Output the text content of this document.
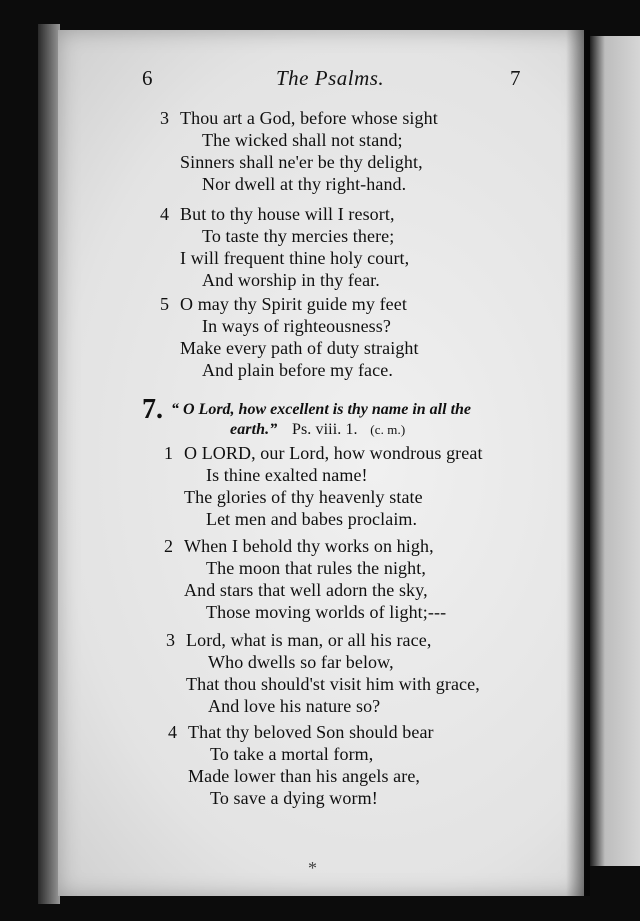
6	The Psalms.	7
3 Thou art a God, before whose sight
The wicked shall not stand;
Sinners shall ne'er be thy delight,
Nor dwell at thy right-hand.
4 But to thy house will I resort,
To taste thy mercies there;
I will frequent thine holy court,
And worship in thy fear.
5 O may thy Spirit guide my feet
In ways of righteousness?
Make every path of duty straight
And plain before my face.
7. “ O Lord, how excellent is thy name in all the
earth.” Ps. viii. 1. (c. m.)
1 O LORD, our Lord, how wondrous great
Is thine exalted name!
The glories of thy heavenly state
Let men and babes proclaim.
2 When I behold thy works on high,
The moon that rules the night,
And stars that well adorn the sky,
Those moving worlds of light;---
3 Lord, what is man, or all his race,
Who dwells so far below,
That thou should'st visit him with grace,
And love his nature so?
4 That thy beloved Son should bear
To take a mortal form,
Made lower than his angels are,
To save a dying worm!
*
